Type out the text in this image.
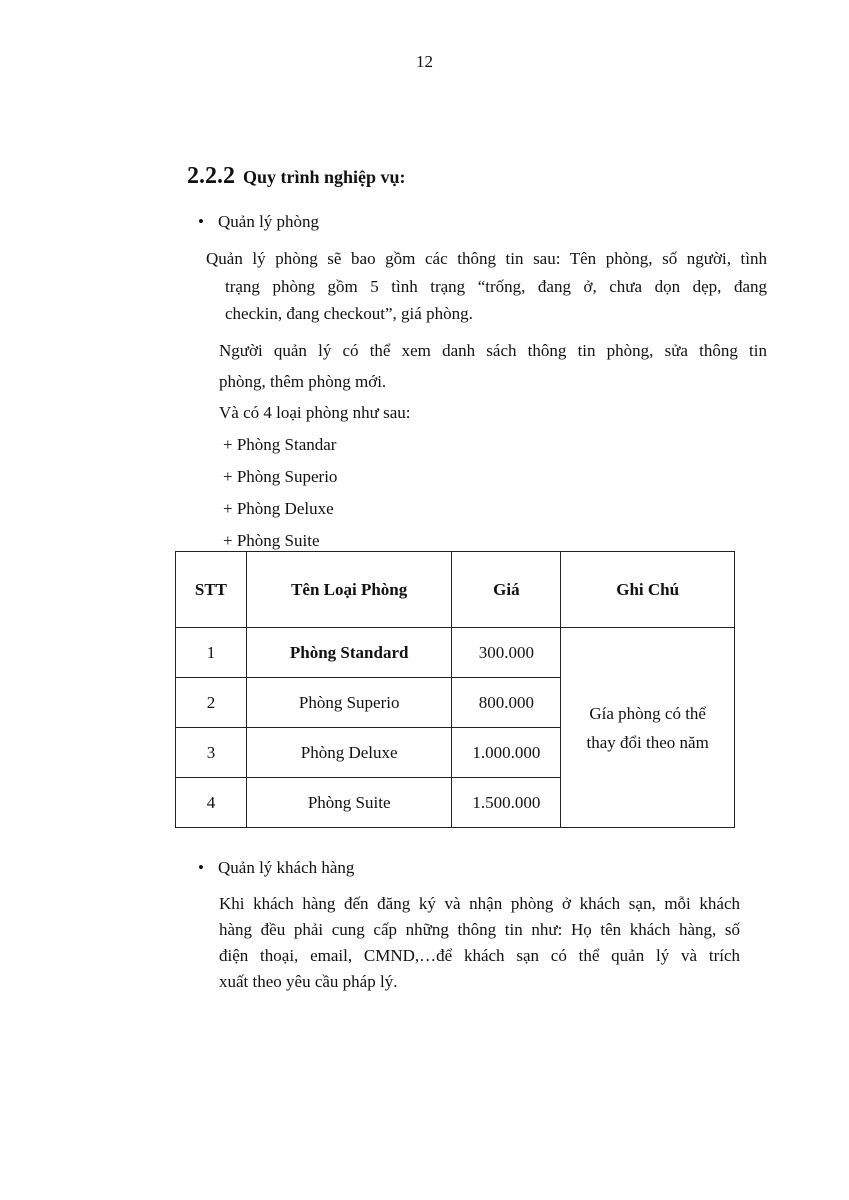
12
2.2.2 Quy trình nghiệp vụ:
• Quản lý phòng
Quản lý phòng sẽ bao gồm các thông tin sau: Tên phòng, số người, tình
trạng phòng gồm 5 tình trạng “trống, đang ở, chưa dọn dẹp, đang
checkin, đang checkout”, giá phòng.
Người quản lý có thể xem danh sách thông tin phòng, sửa thông tin
phòng, thêm phòng mới.
Và có 4 loại phòng như sau:
+ Phòng Standar
+ Phòng Superio
+ Phòng Deluxe
+ Phòng Suite
STT	Tên Loại Phòng	Giá	Ghi Chú
1	Phòng Standard	300.000	Gía phòng có thể
thay đổi theo năm

2	Phòng Superio	800.000	
3	Phòng Deluxe	1.000.000	
4	Phòng Suite	1.500.000	
• Quản lý khách hàng
Khi khách hàng đến đăng ký và nhận phòng ở khách sạn, mỗi khách
hàng đều phải cung cấp những thông tin như: Họ tên khách hàng, số
điện thoại, email, CMND,…để khách sạn có thể quản lý và trích
xuất theo yêu cầu pháp lý.
